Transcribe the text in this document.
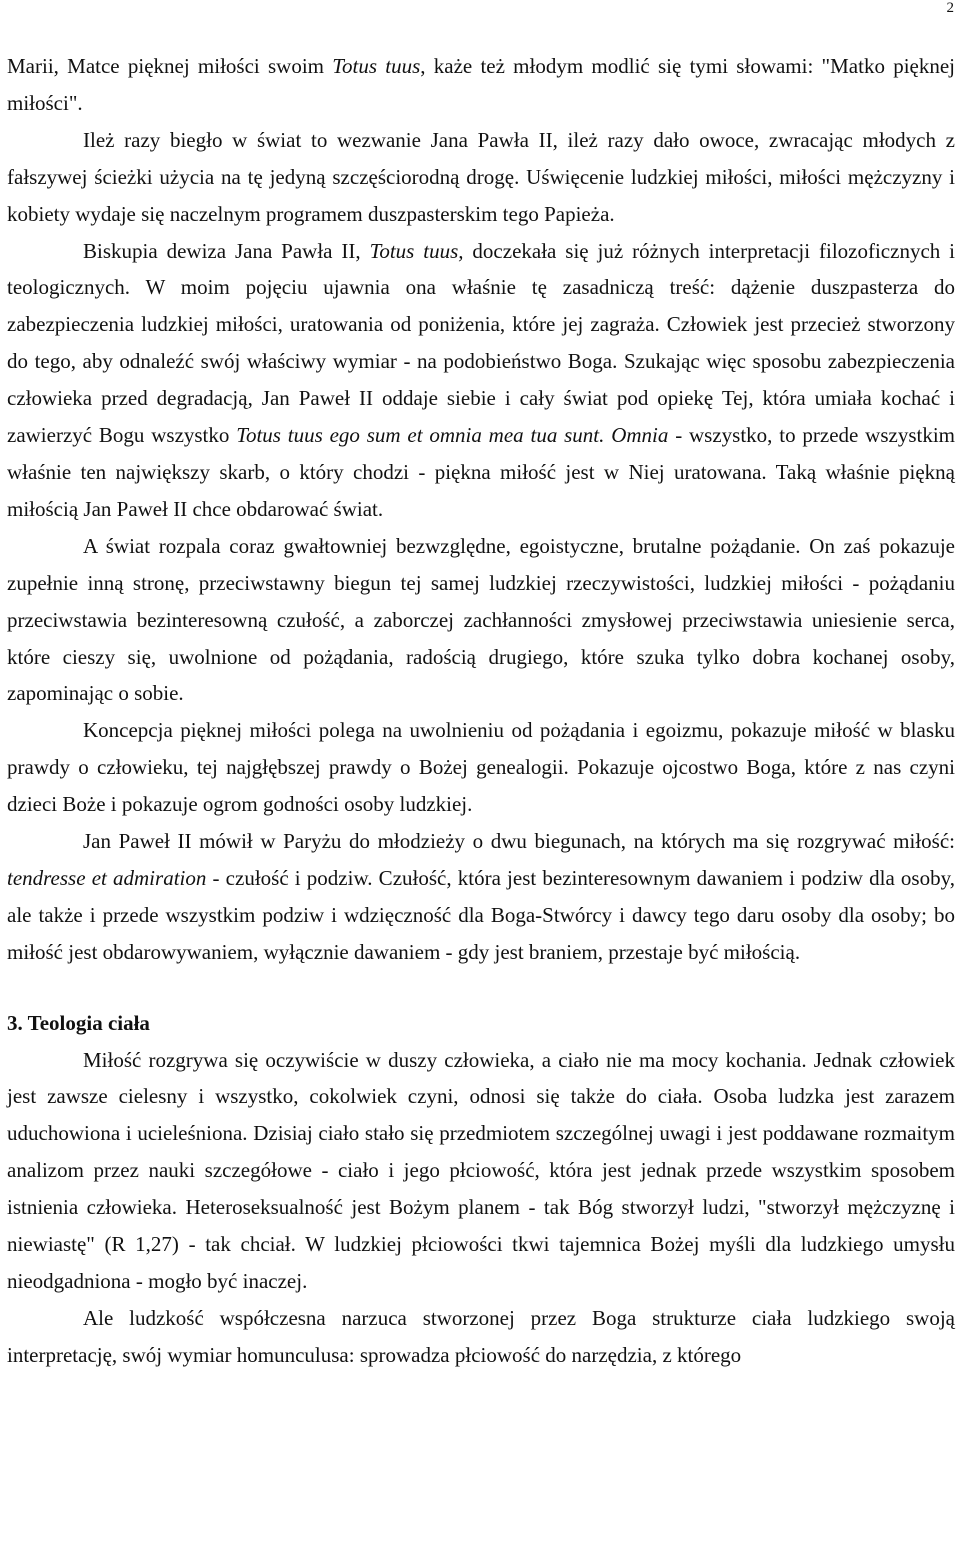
2

Marii, Matce pięknej miłości swoim Totus tuus, każe też młodym modlić się tymi słowami: "Matko pięknej miłości".

Ileż razy biegło w świat to wezwanie Jana Pawła II, ileż razy dało owoce, zwracając młodych z fałszywej ścieżki użycia na tę jedyną szczęściorodną drogę. Uświęcenie ludzkiej miłości, miłości mężczyzny i kobiety wydaje się naczelnym programem duszpasterskim tego Papieża.

Biskupia dewiza Jana Pawła II, Totus tuus, doczekała się już różnych interpretacji filozoficznych i teologicznych. W moim pojęciu ujawnia ona właśnie tę zasadniczą treść: dążenie duszpasterza do zabezpieczenia ludzkiej miłości, uratowania od poniżenia, które jej zagraża. Człowiek jest przecież stworzony do tego, aby odnaleźć swój właściwy wymiar - na podobieństwo Boga. Szukając więc sposobu zabezpieczenia człowieka przed degradacją, Jan Paweł II oddaje siebie i cały świat pod opiekę Tej, która umiała kochać i zawierzyć Bogu wszystko Totus tuus ego sum et omnia mea tua sunt. Omnia - wszystko, to przede wszystkim właśnie ten największy skarb, o który chodzi - piękna miłość jest w Niej uratowana. Taką właśnie piękną miłością Jan Paweł II chce obdarować świat.

A świat rozpala coraz gwałtowniej bezwzględne, egoistyczne, brutalne pożądanie. On zaś pokazuje zupełnie inną stronę, przeciwstawny biegun tej samej ludzkiej rzeczywistości, ludzkiej miłości - pożądaniu przeciwstawia bezinteresowną czułość, a zaborczej zachłanności zmysłowej przeciwstawia uniesienie serca, które cieszy się, uwolnione od pożądania, radością drugiego, które szuka tylko dobra kochanej osoby, zapominając o sobie.

Koncepcja pięknej miłości polega na uwolnieniu od pożądania i egoizmu, pokazuje miłość w blasku prawdy o człowieku, tej najgłębszej prawdy o Bożej genealogii. Pokazuje ojcostwo Boga, które z nas czyni dzieci Boże i pokazuje ogrom godności osoby ludzkiej.

Jan Paweł II mówił w Paryżu do młodzieży o dwu biegunach, na których ma się rozgrywać miłość: tendresse et admiration - czułość i podziw. Czułość, która jest bezinteresownym dawaniem i podziw dla osoby, ale także i przede wszystkim podziw i wdzięczność dla Boga-Stwórcy i dawcy tego daru osoby dla osoby; bo miłość jest obdarowywaniem, wyłącznie dawaniem - gdy jest braniem, przestaje być miłością.

3. Teologia ciała

Miłość rozgrywa się oczywiście w duszy człowieka, a ciało nie ma mocy kochania. Jednak człowiek jest zawsze cielesny i wszystko, cokolwiek czyni, odnosi się także do ciała. Osoba ludzka jest zarazem uduchowiona i ucieleśniona. Dzisiaj ciało stało się przedmiotem szczególnej uwagi i jest poddawane rozmaitym analizom przez nauki szczegółowe - ciało i jego płciowość, która jest jednak przede wszystkim sposobem istnienia człowieka. Heteroseksualność jest Bożym planem - tak Bóg stworzył ludzi, "stworzył mężczyznę i niewiastę" (R 1,27) - tak chciał. W ludzkiej płciowości tkwi tajemnica Bożej myśli dla ludzkiego umysłu nieodgadniona - mogło być inaczej.

Ale ludzkość współczesna narzuca stworzonej przez Boga strukturze ciała ludzkiego swoją interpretację, swój wymiar homunculusa: sprowadza płciowość do narzędzia, z którego
